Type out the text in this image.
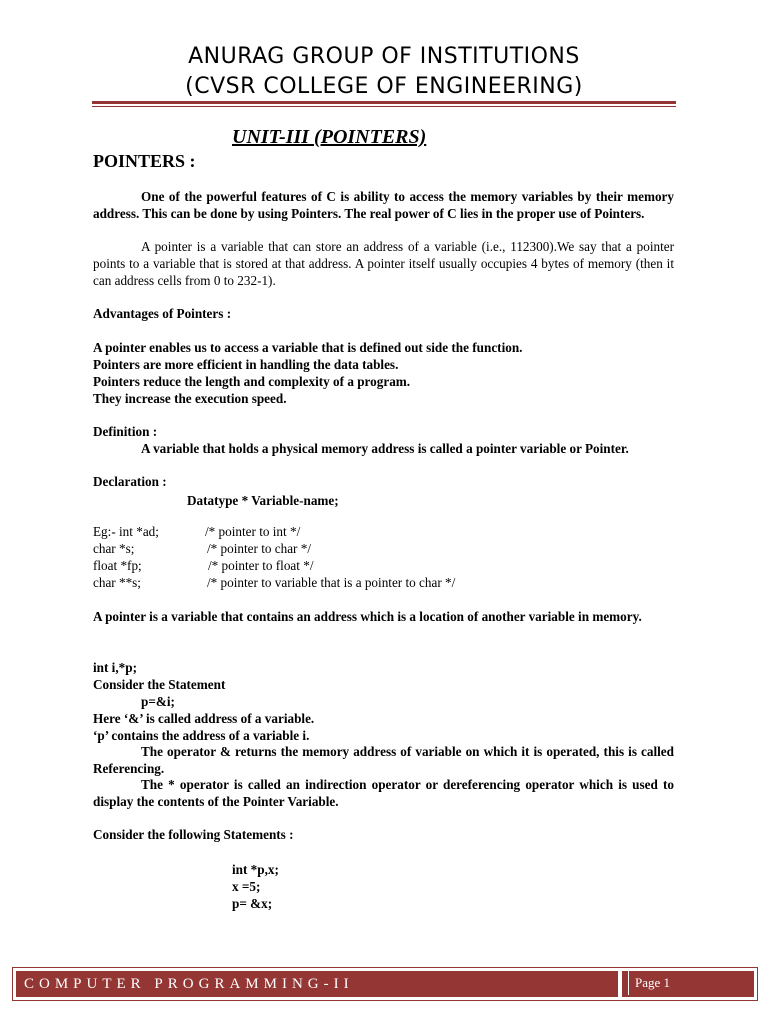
ANURAG GROUP OF INSTITUTIONS
(CVSR COLLEGE OF ENGINEERING)
UNIT-III (POINTERS)
POINTERS :
One of the powerful features of C is ability to access the memory variables by their memory address. This can be done by using Pointers. The real power of C lies in the proper use of Pointers.
A pointer is a variable that can store an address of a variable (i.e., 112300).We say that a pointer points to a variable that is stored at that address. A pointer itself usually occupies 4 bytes of memory (then it can address cells from 0 to 232-1).
Advantages of Pointers :
A pointer enables us to access a variable that is defined out side the function.
Pointers are more efficient in handling the data tables.
Pointers reduce the length and complexity of a program.
They increase the execution speed.
Definition :
A variable that holds a physical memory address is called a pointer variable or Pointer.
Declaration :
Datatype * Variable-name;
Eg:- int *ad;	/* pointer to int */
char *s;	/* pointer to char */
float *fp;	/* pointer to float */
char **s;	/* pointer to variable that is a pointer to char */
A pointer is a variable that contains an address which is a location of another variable in memory.
int i,*p;
Consider the Statement
p=&i;
Here ‘&’ is called address of a variable.
‘p’ contains the address of a variable i.
The operator & returns the memory address of variable on which it is operated, this is called Referencing.
The * operator is called an indirection operator or dereferencing operator which is used to display the contents of the Pointer Variable.
Consider the following Statements :
int *p,x;
x =5;
p= &x;
COMPUTER PROGRAMMING-II	Page 1
